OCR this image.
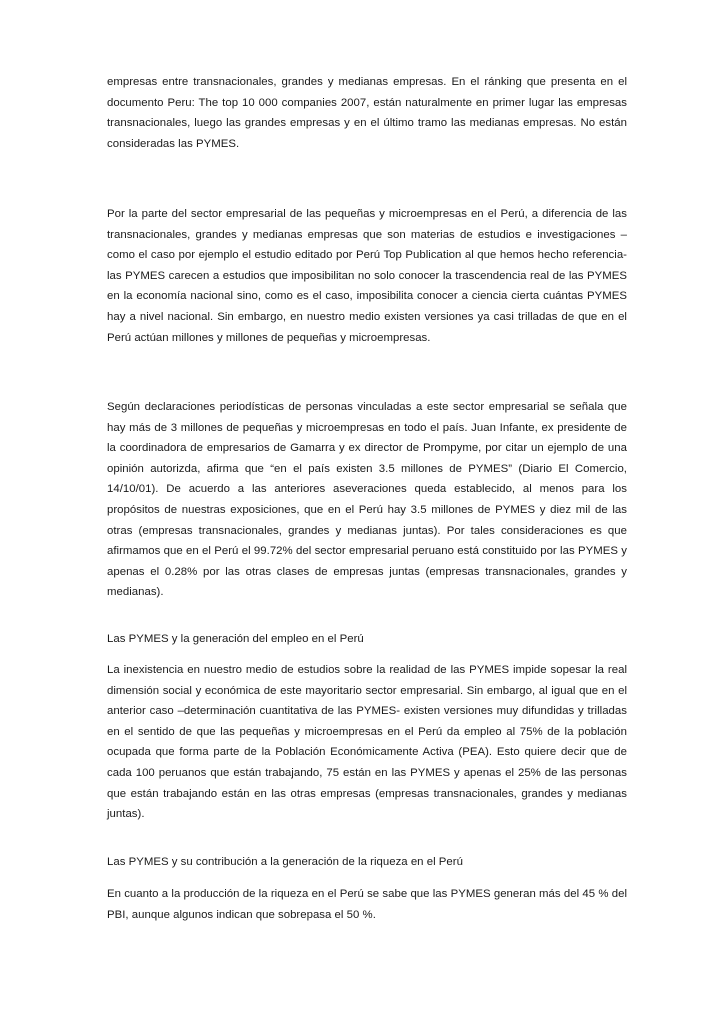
empresas entre transnacionales, grandes y medianas empresas. En el ránking que presenta en el documento Peru: The top 10 000 companies 2007, están naturalmente en primer lugar las empresas transnacionales, luego las grandes empresas y en el último tramo las medianas empresas. No están consideradas las PYMES.

Por la parte del sector empresarial de las pequeñas y microempresas en el Perú, a diferencia de las transnacionales, grandes y medianas empresas que son materias de estudios e investigaciones –como el caso por ejemplo el estudio editado por Perú Top Publication al que hemos hecho referencia- las PYMES carecen a estudios que imposibilitan no solo conocer la trascendencia real de las PYMES en la economía nacional sino, como es el caso, imposibilita conocer a ciencia cierta cuántas PYMES hay a nivel nacional. Sin embargo, en nuestro medio existen versiones ya casi trilladas de que en el Perú actúan millones y millones de pequeñas y microempresas.

Según declaraciones periodísticas de personas vinculadas a este sector empresarial se señala que hay más de 3 millones de pequeñas y microempresas en todo el país. Juan Infante, ex presidente de la coordinadora de empresarios de Gamarra y ex director de Prompyme, por citar un ejemplo de una opinión autorizda, afirma que “en el país existen 3.5 millones de PYMES” (Diario El Comercio, 14/10/01). De acuerdo a las anteriores aseveraciones queda establecido, al menos para los propósitos de nuestras exposiciones, que en el Perú hay 3.5 millones de PYMES y diez mil de las otras (empresas transnacionales, grandes y medianas juntas). Por tales consideraciones es que afirmamos que en el Perú el 99.72% del sector empresarial peruano está constituido por las PYMES y apenas el 0.28% por las otras clases de empresas juntas (empresas transnacionales, grandes y medianas).

Las PYMES y la generación del empleo en el Perú

La inexistencia en nuestro medio de estudios sobre la realidad de las PYMES impide sopesar la real dimensión social y económica de este mayoritario sector empresarial. Sin embargo, al igual que en el anterior caso –determinación cuantitativa de las PYMES- existen versiones muy difundidas y trilladas en el sentido de que las pequeñas y microempresas en el Perú da empleo al 75% de la población ocupada que forma parte de la Población Económicamente Activa (PEA). Esto quiere decir que de cada 100 peruanos que están trabajando, 75 están en las PYMES y apenas el 25% de las personas que están trabajando están en las otras empresas (empresas transnacionales, grandes y medianas juntas).

Las PYMES y su contribución a la generación de la riqueza en el Perú

En cuanto a la producción de la riqueza en el Perú se sabe que las PYMES generan más del 45 % del PBI, aunque algunos indican que sobrepasa el 50 %.
